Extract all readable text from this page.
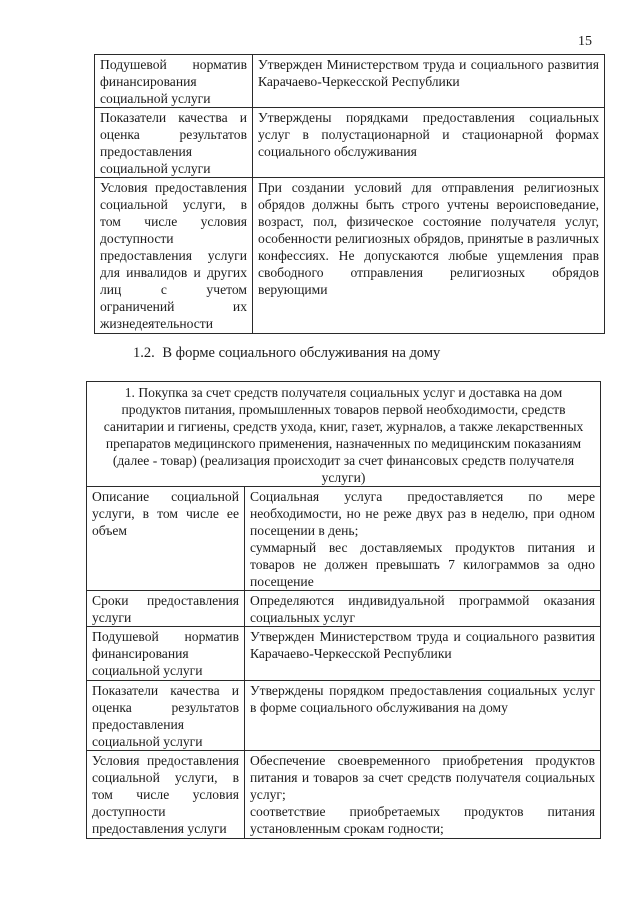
15
Подушевой норматив финансирования социальной услуги	Утвержден Министерством труда и социального развития Карачаево-Черкесской Республики
Показатели качества и оценка результатов предоставления социальной услуги	Утверждены порядками предоставления социальных услуг в полустационарной и стационарной формах социального обслуживания
Условия предоставления социальной услуги, в том числе условия доступности предоставления услуги для инвалидов и других лиц с учетом ограничений их жизнедеятельности	При создании условий для отправления религиозных обрядов должны быть строго учтены вероисповедание, возраст, пол, физическое состояние получателя услуг, особенности религиозных обрядов, принятые в различных конфессиях. Не допускаются любые ущемления прав свободного отправления религиозных обрядов верующими
1.2. В форме социального обслуживания на дому
1. Покупка за счет средств получателя социальных услуг и доставка на дом продуктов питания, промышленных товаров первой необходимости, средств санитарии и гигиены, средств ухода, книг, газет, журналов, а также лекарственных препаратов медицинского применения, назначенных по медицинским показаниям (далее - товар) (реализация происходит за счет финансовых средств получателя услуги)	
Описание социальной услуги, в том числе ее объем	Социальная услуга предоставляется по мере необходимости, но не реже двух раз в неделю, при одном посещении в день;
суммарный вес доставляемых продуктов питания и товаров не должен превышать 7 килограммов за одно посещение

Сроки предоставления услуги	Определяются индивидуальной программой оказания социальных услуг
Подушевой норматив финансирования социальной услуги	Утвержден Министерством труда и социального развития Карачаево-Черкесской Республики
Показатели качества и оценка результатов предоставления социальной услуги	Утверждены порядком предоставления социальных услуг в форме социального обслуживания на дому
Условия предоставления социальной услуги, в том числе условия доступности предоставления услуги	Обеспечение своевременного приобретения продуктов питания и товаров за счет средств получателя социальных услуг;
соответствие приобретаемых продуктов питания установленным срокам годности;
